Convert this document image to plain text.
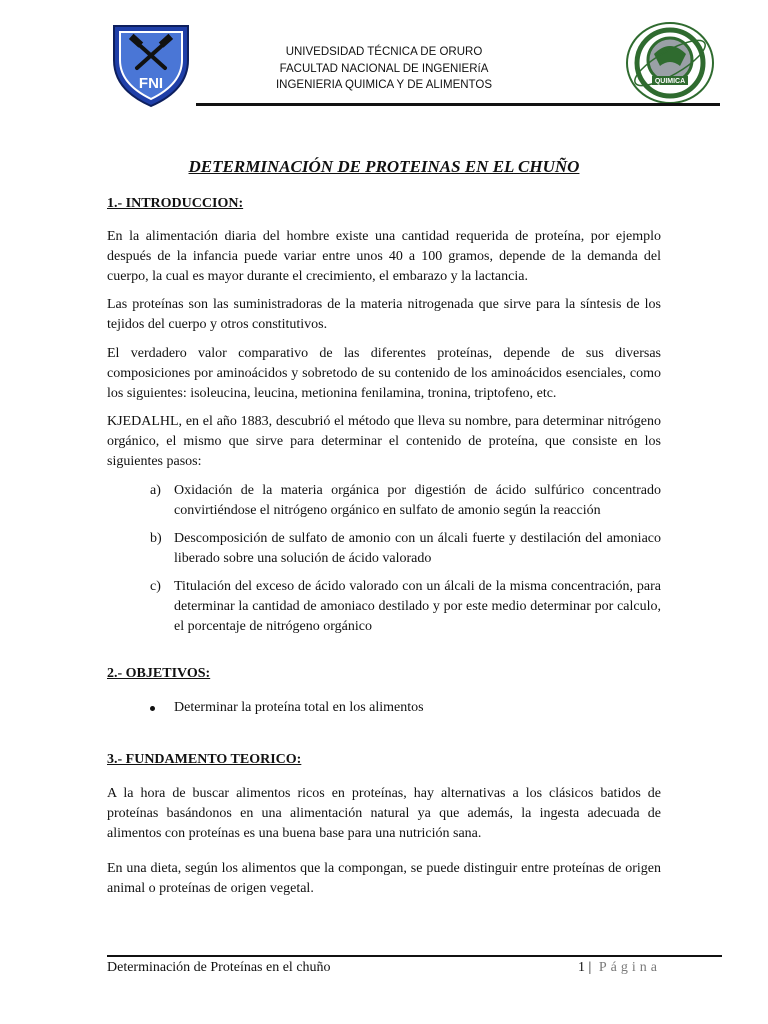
FNI
UNIVEDSIDAD TÉCNICA DE ORURO
FACULTAD NACIONAL DE INGENIERíA
INGENIERIA QUIMICA Y DE ALIMENTOS	QUIMICA
DETERMINACIÓN DE PROTEINAS EN EL CHUÑO
1.- INTRODUCCION:

En la alimentación diaria del hombre existe una cantidad requerida de proteína, por ejemplo después de la infancia puede variar entre unos 40 a 100 gramos, depende de la demanda del cuerpo, la cual es mayor durante el crecimiento, el embarazo y la lactancia.

Las proteínas son las suministradoras de la materia nitrogenada que sirve para la síntesis de los tejidos del cuerpo y otros constitutivos.

El verdadero valor comparativo de las diferentes proteínas, depende de sus diversas composiciones por aminoácidos y sobretodo de su contenido de los aminoácidos esenciales, como los siguientes: isoleucina, leucina, metionina fenilamina, tronina, triptofeno, etc.

KJEDALHL, en el año 1883, descubrió el método que lleva su nombre, para determinar nitrógeno orgánico, el mismo que sirve para determinar el contenido de proteína, que consiste en los siguientes pasos:

a) Oxidación de la materia orgánica por digestión de ácido sulfúrico concentrado convirtiéndose el nitrógeno orgánico en sulfato de amonio según la reacción

b) Descomposición de sulfato de amonio con un álcali fuerte y destilación del amoniaco liberado sobre una solución de ácido valorado

c) Titulación del exceso de ácido valorado con un álcali de la misma concentración, para determinar la cantidad de amoniaco destilado y por este medio determinar por calculo, el porcentaje de nitrógeno orgánico

2.- OBJETIVOS:

Determinar la proteína total en los alimentos

3.- FUNDAMENTO TEORICO:

A la hora de buscar alimentos ricos en proteínas, hay alternativas a los clásicos batidos de proteínas basándonos en una alimentación natural ya que además, la ingesta adecuada de alimentos con proteínas es una buena base para una nutrición sana.

En una dieta, según los alimentos que la compongan, se puede distinguir entre proteínas de origen animal o proteínas de origen vegetal.

Determinación de Proteínas en el chuño	1 | Página
